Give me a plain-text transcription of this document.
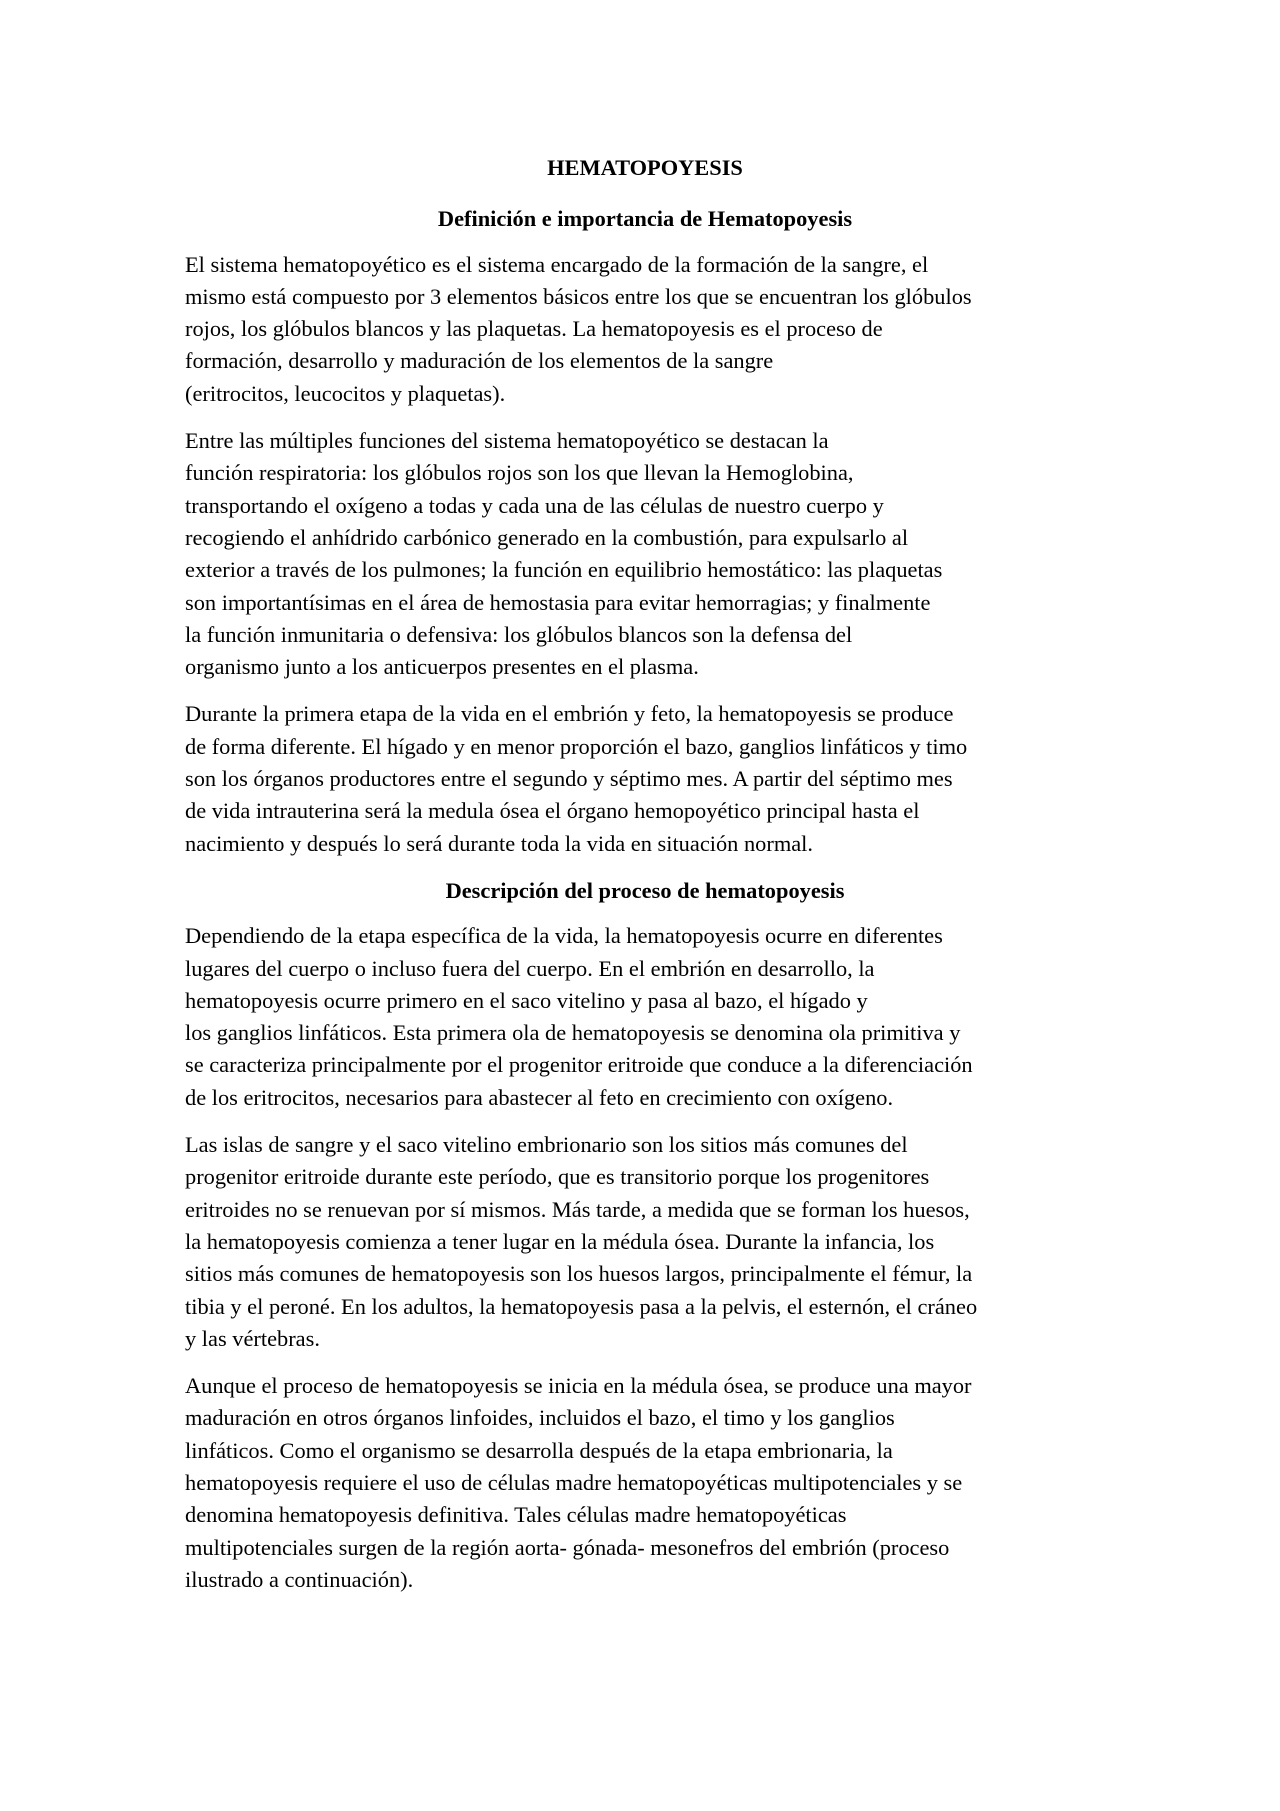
HEMATOPOYESIS
Definición e importancia de Hematopoyesis
El sistema hematopoyético es el sistema encargado de la formación de la sangre, el
mismo está compuesto por 3 elementos básicos entre los que se encuentran los glóbulos
rojos, los glóbulos blancos y las plaquetas. La hematopoyesis es el proceso de
formación, desarrollo y maduración de los elementos de la sangre
(eritrocitos, leucocitos y plaquetas).
Entre las múltiples funciones del sistema hematopoyético se destacan la
función respiratoria: los glóbulos rojos son los que llevan la Hemoglobina,
transportando el oxígeno a todas y cada una de las células de nuestro cuerpo y
recogiendo el anhídrido carbónico generado en la combustión, para expulsarlo al
exterior a través de los pulmones; la función en equilibrio hemostático: las plaquetas
son importantísimas en el área de hemostasia para evitar hemorragias; y finalmente
la función inmunitaria o defensiva: los glóbulos blancos son la defensa del
organismo junto a los anticuerpos presentes en el plasma.
Durante la primera etapa de la vida en el embrión y feto, la hematopoyesis se produce
de forma diferente. El hígado y en menor proporción el bazo, ganglios linfáticos y timo
son los órganos productores entre el segundo y séptimo mes. A partir del séptimo mes
de vida intrauterina será la medula ósea el órgano hemopoyético principal hasta el
nacimiento y después lo será durante toda la vida en situación normal.
Descripción del proceso de hematopoyesis
Dependiendo de la etapa específica de la vida, la hematopoyesis ocurre en diferentes
lugares del cuerpo o incluso fuera del cuerpo. En el embrión en desarrollo, la
hematopoyesis ocurre primero en el saco vitelino y pasa al bazo, el hígado y
los ganglios linfáticos. Esta primera ola de hematopoyesis se denomina ola primitiva y
se caracteriza principalmente por el progenitor eritroide que conduce a la diferenciación
de los eritrocitos, necesarios para abastecer al feto en crecimiento con oxígeno.
Las islas de sangre y el saco vitelino embrionario son los sitios más comunes del
progenitor eritroide durante este período, que es transitorio porque los progenitores
eritroides no se renuevan por sí mismos. Más tarde, a medida que se forman los huesos,
la hematopoyesis comienza a tener lugar en la médula ósea. Durante la infancia, los
sitios más comunes de hematopoyesis son los huesos largos, principalmente el fémur, la
tibia y el peroné. En los adultos, la hematopoyesis pasa a la pelvis, el esternón, el cráneo
y las vértebras.
Aunque el proceso de hematopoyesis se inicia en la médula ósea, se produce una mayor
maduración en otros órganos linfoides, incluidos el bazo, el timo y los ganglios
linfáticos. Como el organismo se desarrolla después de la etapa embrionaria, la
hematopoyesis requiere el uso de células madre hematopoyéticas multipotenciales y se
denomina hematopoyesis definitiva. Tales células madre hematopoyéticas
multipotenciales surgen de la región aorta- gónada- mesonefros del embrión (proceso
ilustrado a continuación).
